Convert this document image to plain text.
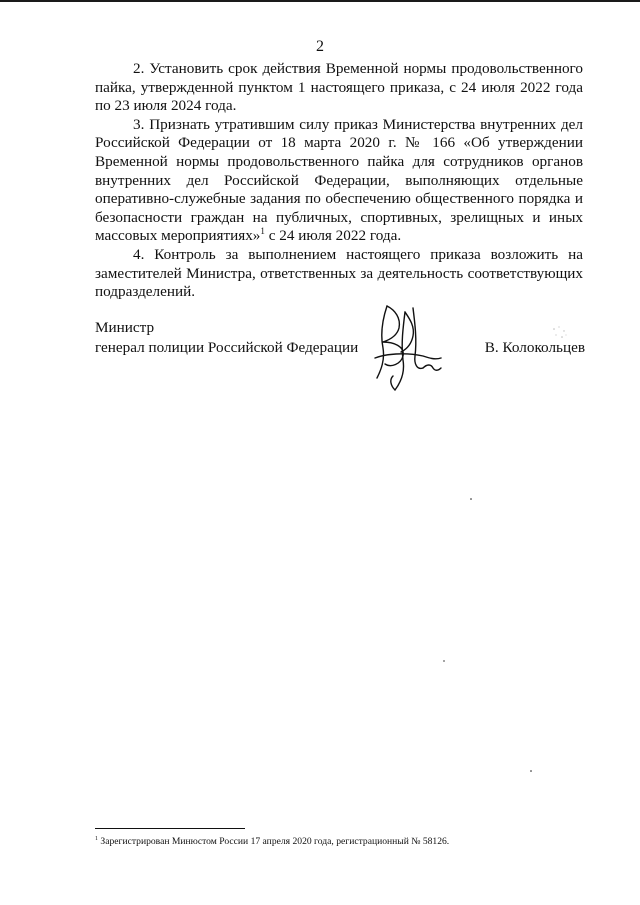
2

2. Установить срок действия Временной нормы продовольственного пайка, утвержденной пунктом 1 настоящего приказа, с 24 июля 2022 года по 23 июля 2024 года.

3. Признать утратившим силу приказ Министерства внутренних дел Российской Федерации от 18 марта 2020 г. № 166 «Об утверждении Временной нормы продовольственного пайка для сотрудников органов внутренних дел Российской Федерации, выполняющих отдельные оперативно-служебные задания по обеспечению общественного порядка и безопасности граждан на публичных, спортивных, зрелищных и иных массовых мероприятиях»$^1$ с 24 июля 2022 года.

4. Контроль за выполнением настоящего приказа возложить на заместителей Министра, ответственных за деятельность соответствующих подразделений.

Министр
генерал полиции Российской Федерации	В. Колокольцев
$^1$ Зарегистрирован Минюстом России 17 апреля 2020 года, регистрационный № 58126.
